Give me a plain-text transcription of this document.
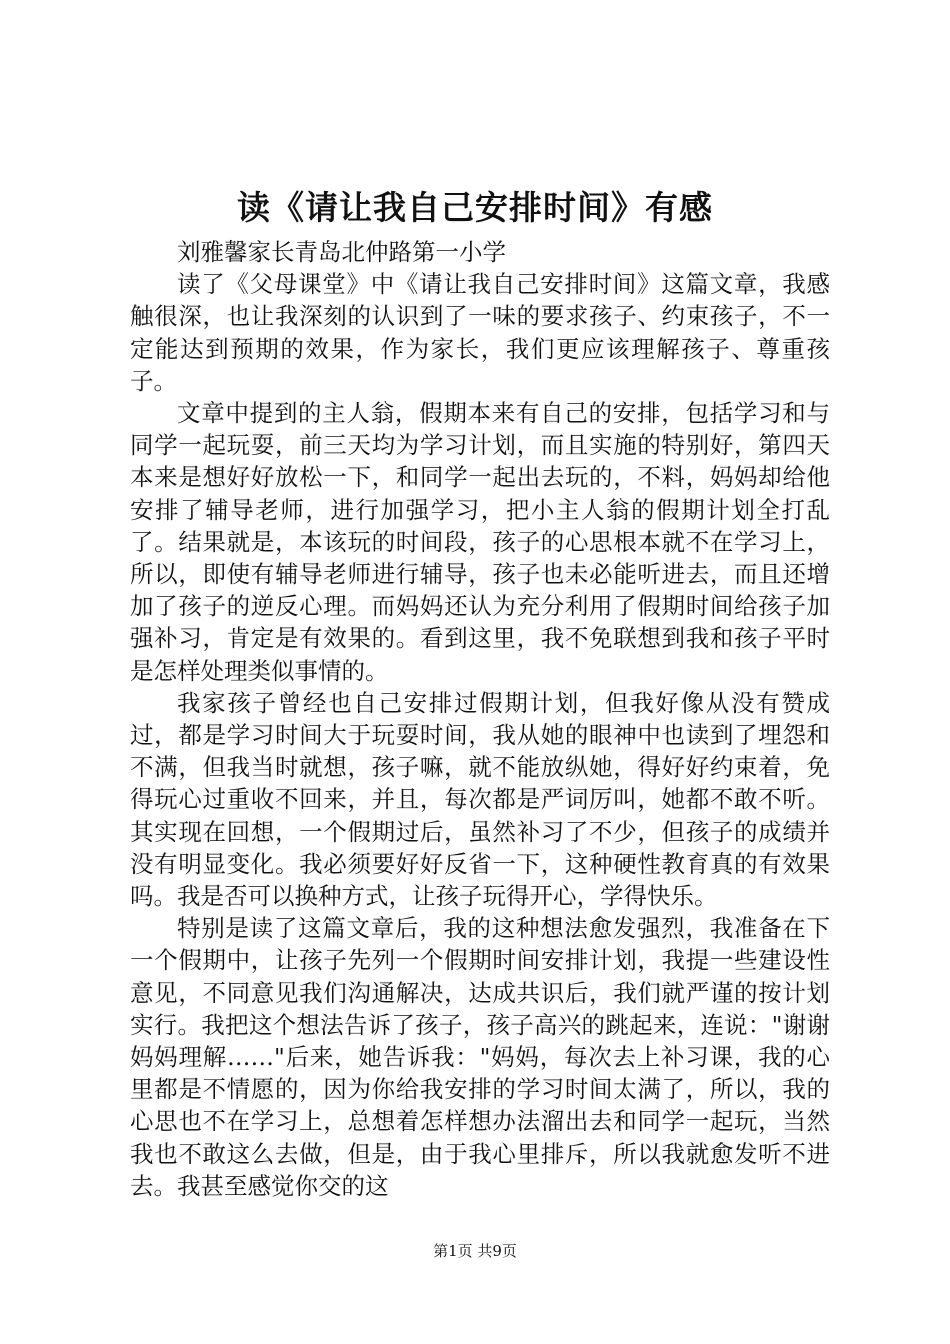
读《请让我自己安排时间》有感

刘雅馨家长青岛北仲路第一小学

读了《父母课堂》中《请让我自己安排时间》这篇文章，我感触很深，也让我深刻的认识到了一味的要求孩子、约束孩子，不一定能达到预期的效果，作为家长，我们更应该理解孩子、尊重孩子。

文章中提到的主人翁，假期本来有自己的安排，包括学习和与同学一起玩耍，前三天均为学习计划，而且实施的特别好，第四天本来是想好好放松一下，和同学一起出去玩的，不料，妈妈却给他安排了辅导老师，进行加强学习，把小主人翁的假期计划全打乱了。结果就是，本该玩的时间段，孩子的心思根本就不在学习上，所以，即使有辅导老师进行辅导，孩子也未必能听进去，而且还增加了孩子的逆反心理。而妈妈还认为充分利用了假期时间给孩子加强补习，肯定是有效果的。看到这里，我不免联想到我和孩子平时是怎样处理类似事情的。

我家孩子曾经也自己安排过假期计划，但我好像从没有赞成过，都是学习时间大于玩耍时间，我从她的眼神中也读到了埋怨和不满，但我当时就想，孩子嘛，就不能放纵她，得好好约束着，免得玩心过重收不回来，并且，每次都是严词厉叫，她都不敢不听。其实现在回想，一个假期过后，虽然补习了不少，但孩子的成绩并没有明显变化。我必须要好好反省一下，这种硬性教育真的有效果吗。我是否可以换种方式，让孩子玩得开心，学得快乐。

特别是读了这篇文章后，我的这种想法愈发强烈，我准备在下一个假期中，让孩子先列一个假期时间安排计划，我提一些建设性意见，不同意见我们沟通解决，达成共识后，我们就严谨的按计划实行。我把这个想法告诉了孩子，孩子高兴的跳起来，连说："谢谢妈妈理解……"后来，她告诉我："妈妈，每次去上补习课，我的心里都是不情愿的，因为你给我安排的学习时间太满了，所以，我的心思也不在学习上，总想着怎样想办法溜出去和同学一起玩，当然我也不敢这么去做，但是，由于我心里排斥，所以我就愈发听不进去。我甚至感觉你交的这

第1页 共9页
